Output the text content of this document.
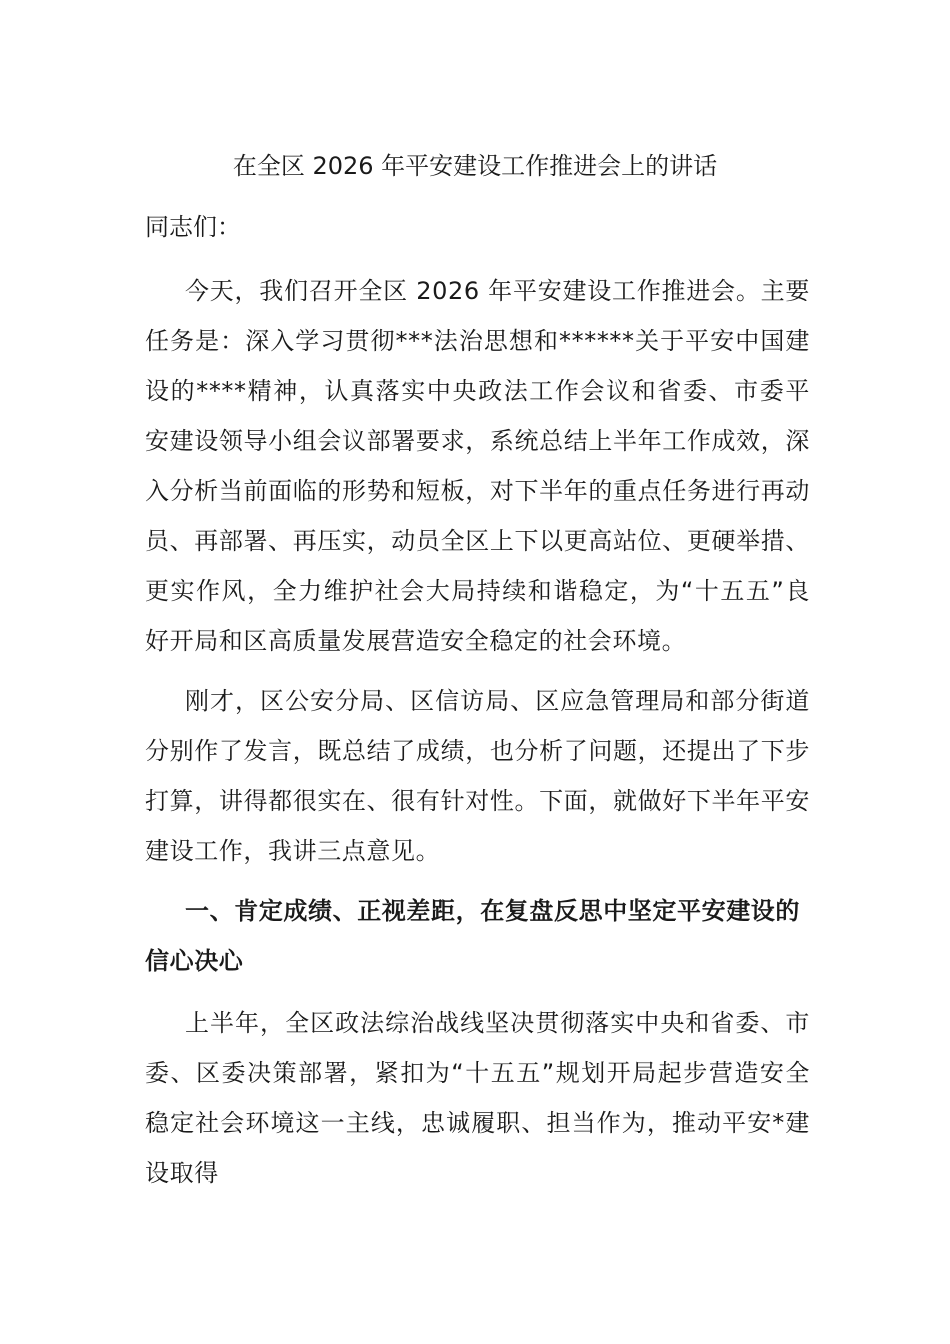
在全区 2026 年平安建设工作推进会上的讲话

同志们：

今天，我们召开全区 2026 年平安建设工作推进会。主要任务是：深入学习贯彻***法治思想和******关于平安中国建设的****精神，认真落实中央政法工作会议和省委、市委平安建设领导小组会议部署要求，系统总结上半年工作成效，深入分析当前面临的形势和短板，对下半年的重点任务进行再动员、再部署、再压实，动员全区上下以更高站位、更硬举措、更实作风，全力维护社会大局持续和谐稳定，为“十五五”良好开局和区高质量发展营造安全稳定的社会环境。

刚才，区公安分局、区信访局、区应急管理局和部分街道分别作了发言，既总结了成绩，也分析了问题，还提出了下步打算，讲得都很实在、很有针对性。下面，就做好下半年平安建设工作，我讲三点意见。

一、肯定成绩、正视差距，在复盘反思中坚定平安建设的信心决心

上半年，全区政法综治战线坚决贯彻落实中央和省委、市委、区委决策部署，紧扣为“十五五”规划开局起步营造安全稳定社会环境这一主线，忠诚履职、担当作为，推动平安*建设取得
